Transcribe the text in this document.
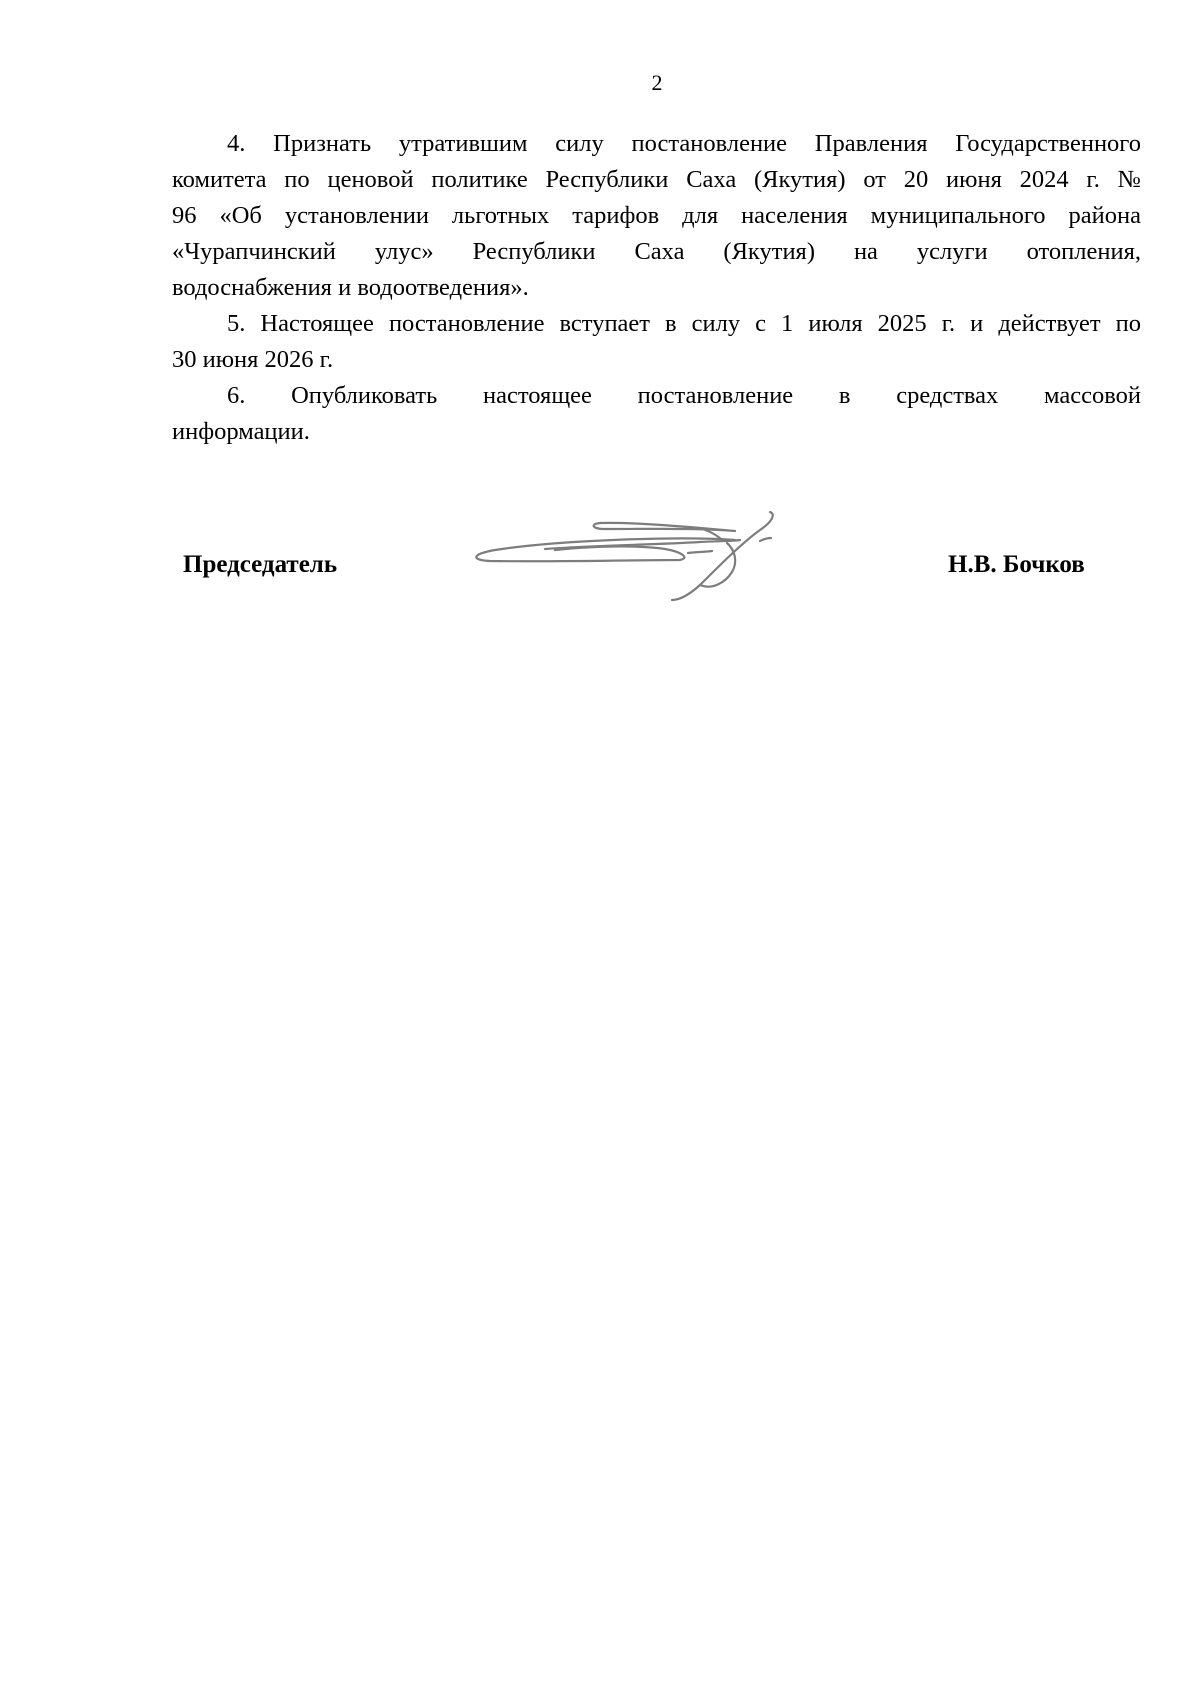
2
4. Признать утратившим силу постановление Правления Государственного
комитета по ценовой политике Республики Саха (Якутия) от 20 июня 2024 г. №
96 «Об установлении льготных тарифов для населения муниципального района
«Чурапчинский улус» Республики Саха (Якутия) на услуги отопления,
водоснабжения и водоотведения».
5. Настоящее постановление вступает в силу с 1 июля 2025 г. и действует по
30 июня 2026 г.
6. Опубликовать настоящее постановление в средствах массовой
информации.
Председатель	Н.В. Бочков
